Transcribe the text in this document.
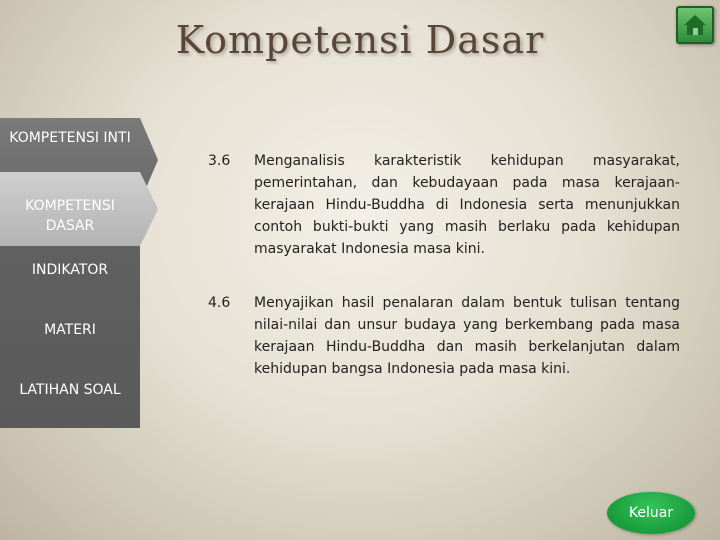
Kompetensi Dasar
KOMPETENSI INTI
KOMPETENSI DASAR
INDIKATOR
MATERI
LATIHAN SOAL
3.6	Menganalisis karakteristik kehidupan masyarakat, pemerintahan, dan kebudayaan pada masa kerajaan-kerajaan Hindu-Buddha di Indonesia serta menunjukkan contoh bukti-bukti yang masih berlaku pada kehidupan masyarakat Indonesia masa kini.
4.6	Menyajikan hasil penalaran dalam bentuk tulisan tentang nilai-nilai dan unsur budaya yang berkembang pada masa kerajaan Hindu-Buddha dan masih berkelanjutan dalam kehidupan bangsa Indonesia pada masa kini.
Keluar
